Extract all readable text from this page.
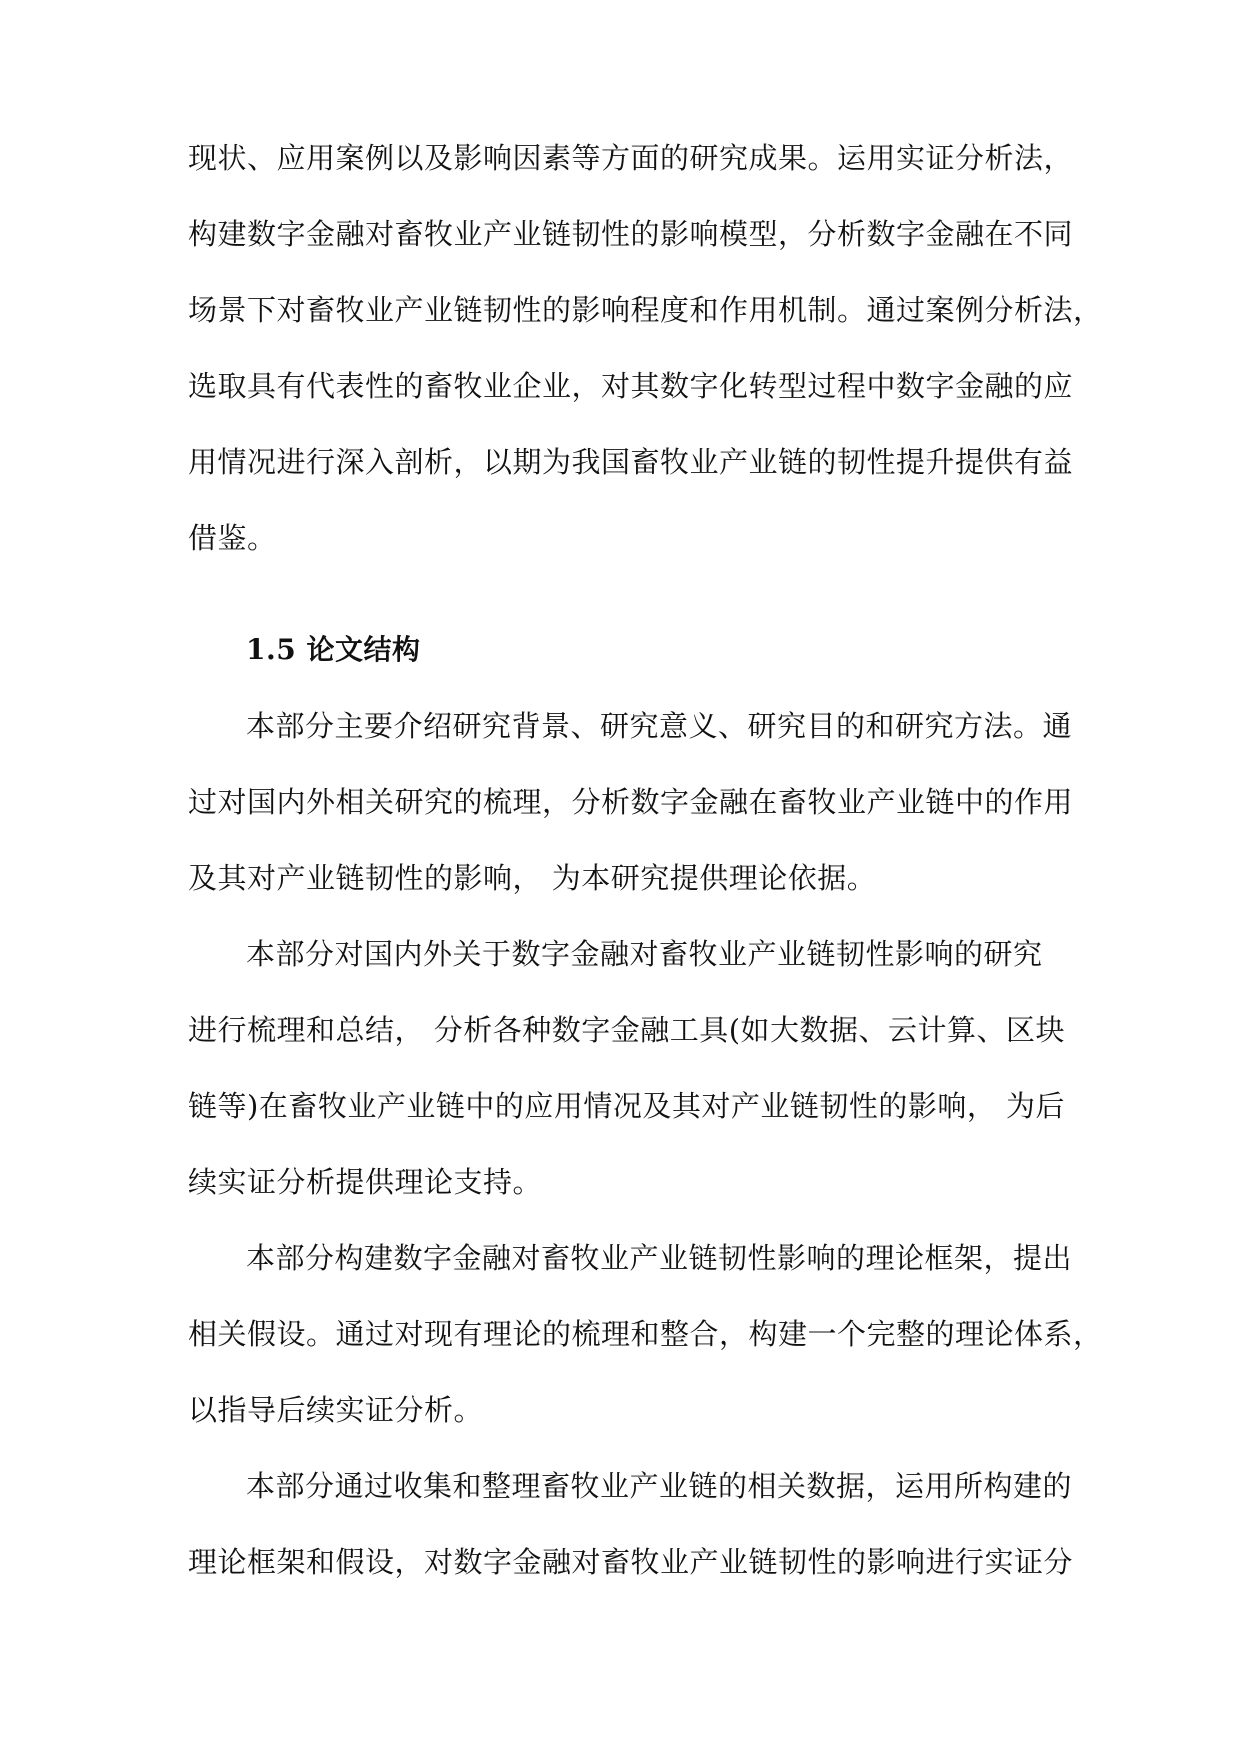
现状、应用案例以及影响因素等方面的研究成果。运用实证分析法，
构建数字金融对畜牧业产业链韧性的影响模型，分析数字金融在不同
场景下对畜牧业产业链韧性的影响程度和作用机制。通过案例分析法，
选取具有代表性的畜牧业企业，对其数字化转型过程中数字金融的应
用情况进行深入剖析，以期为我国畜牧业产业链的韧性提升提供有益
借鉴。
1.5 论文结构
本部分主要介绍研究背景、研究意义、研究目的和研究方法。通
过对国内外相关研究的梳理，分析数字金融在畜牧业产业链中的作用
及其对产业链韧性的影响， 为本研究提供理论依据。
本部分对国内外关于数字金融对畜牧业产业链韧性影响的研究
进行梳理和总结， 分析各种数字金融工具(如大数据、云计算、区块
链等)在畜牧业产业链中的应用情况及其对产业链韧性的影响， 为后
续实证分析提供理论支持。
本部分构建数字金融对畜牧业产业链韧性影响的理论框架，提出
相关假设。通过对现有理论的梳理和整合，构建一个完整的理论体系，
以指导后续实证分析。
本部分通过收集和整理畜牧业产业链的相关数据，运用所构建的
理论框架和假设，对数字金融对畜牧业产业链韧性的影响进行实证分
